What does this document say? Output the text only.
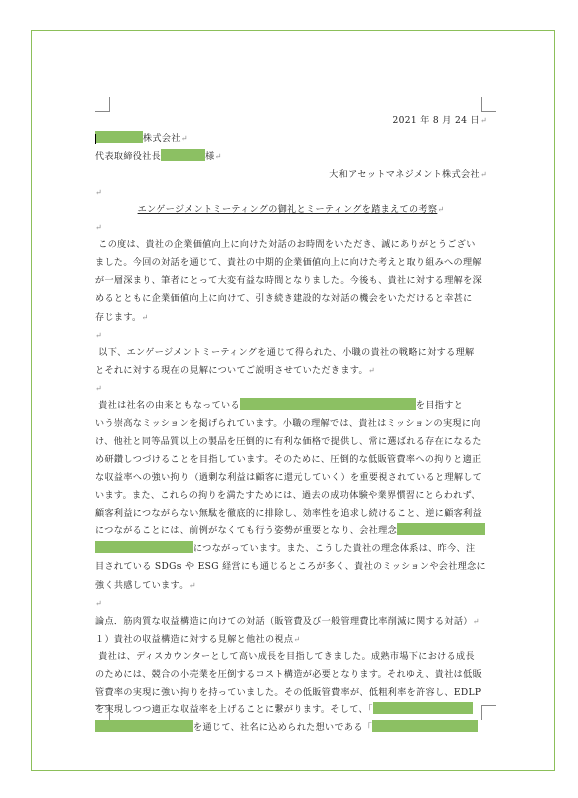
2021 年 8 月 24 日↵
株式会社↵
代表取締役社長	様↵
大和アセットマネジメント株式会社↵
↵
エンゲージメントミーティングの御礼とミーティングを踏まえての考察↵
↵
この度は、貴社の企業価値向上に向けた対話のお時間をいただき、誠にありがとうござい
ました。今回の対話を通じて、貴社の中期的企業価値向上に向けた考えと取り組みへの理解
が一層深まり、筆者にとって大変有益な時間となりました。今後も、貴社に対する理解を深
めるとともに企業価値向上に向けて、引き続き建設的な対話の機会をいただけると幸甚に
存じます。↵
↵
以下、エンゲージメントミーティングを通じて得られた、小職の貴社の戦略に対する理解
とそれに対する現在の見解についてご説明させていただきます。↵
↵
貴社は社名の由来ともなっている	を目指すと
いう崇高なミッションを掲げられています。小職の理解では、貴社はミッションの実現に向
け、他社と同等品質以上の製品を圧倒的に有利な価格で提供し、常に選ばれる存在になるた
め研鑽しつづけることを目指しています。そのために、圧倒的な低販管費率への拘りと適正
な収益率への強い拘り（過剰な利益は顧客に還元していく）を重要視されていると理解して
います。また、これらの拘りを満たすためには、過去の成功体験や業界慣習にとらわれず、
顧客利益につながらない無駄を徹底的に排除し、効率性を追求し続けること、逆に顧客利益
につながることには、前例がなくても行う姿勢が重要となり、会社理念
につながっています。また、こうした貴社の理念体系は、昨今、注
目されている SDGs や ESG 経営にも通じるところが多く、貴社のミッションや会社理念に
強く共感しています。↵
↵
論点．筋肉質な収益構造に向けての対話（販管費及び一般管理費比率削減に関する対話）↵
１）貴社の収益構造に対する見解と他社の視点↵
貴社は、ディスカウンターとして高い成長を目指してきました。成熟市場下における成長
のためには、競合の小売業を圧倒するコスト構造が必要となります。それゆえ、貴社は低販
管費率の実現に強い拘りを持っていました。その低販管費率が、低粗利率を許容し、EDLP
を実現しつつ適正な収益率を上げることに繋がります。そして、「
を通じて、社名に込められた想いである「
